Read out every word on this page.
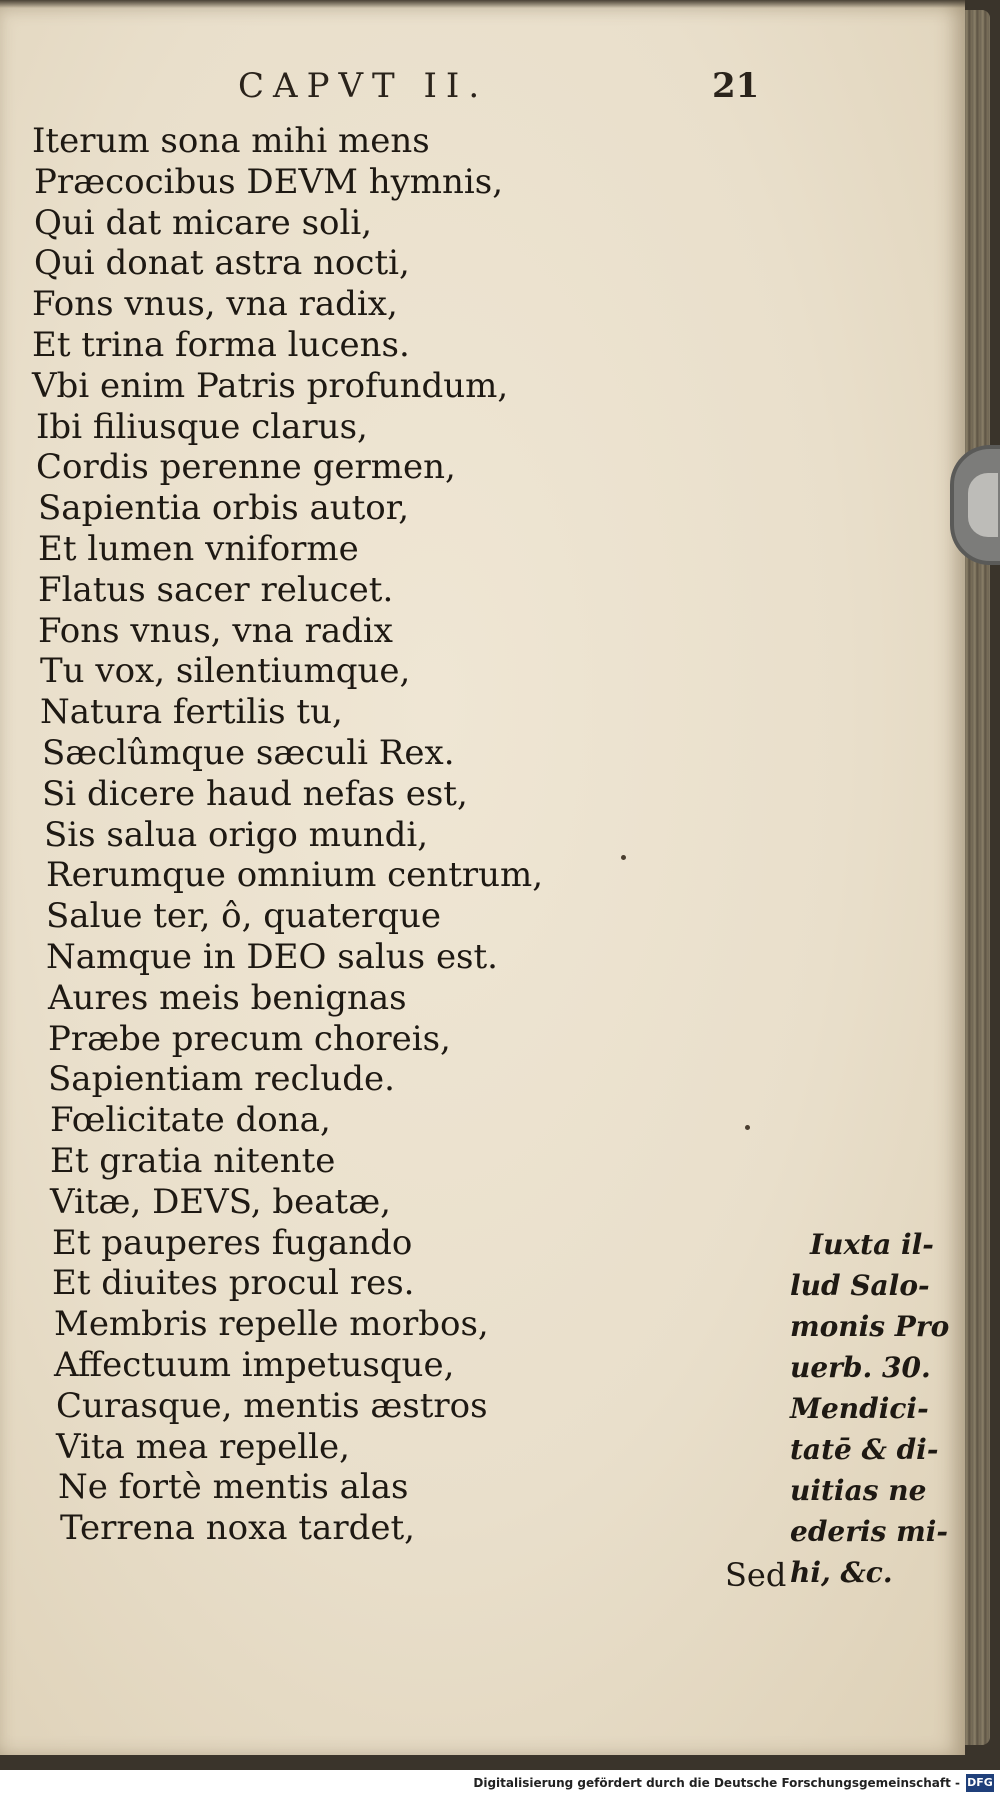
CAPVT II.	21
Iterum sona mihi mens
Præcocibus DEVM hymnis,
Qui dat micare soli,
Qui donat astra nocti,
Fons vnus, vna radix,
Et trina forma lucens.
Vbi enim Patris profundum,
Ibi filiusque clarus,
Cordis perenne germen,
Sapientia orbis autor,
Et lumen vniforme
Flatus sacer relucet.
Fons vnus, vna radix
Tu vox, silentiumque,
Natura fertilis tu,
Sæclûmque sæculi Rex.
Si dicere haud nefas est,
Sis salua origo mundi,
Rerumque omnium centrum,
Salue ter, ô, quaterque
Namque in DEO salus est.
Aures meis benignas
Præbe precum choreis,
Sapientiam reclude.
Fœlicitate dona,
Et gratia nitente
Vitæ, DEVS, beatæ,
Et pauperes fugando
Et diuites procul res.
Membris repelle morbos,
Affectuum impetusque,
Curasque, mentis æstros
Vita mea repelle,
Ne fortè mentis alas
Terrena noxa tardet,
Iuxta il-
lud Salo-
monis Pro
uerb. 30.
Mendici-
tatē & di-
uitias ne
ederis mi-
hi, &c.
Sed
Digitalisierung gefördert durch die Deutsche Forschungsgemeinschaft - DFG
